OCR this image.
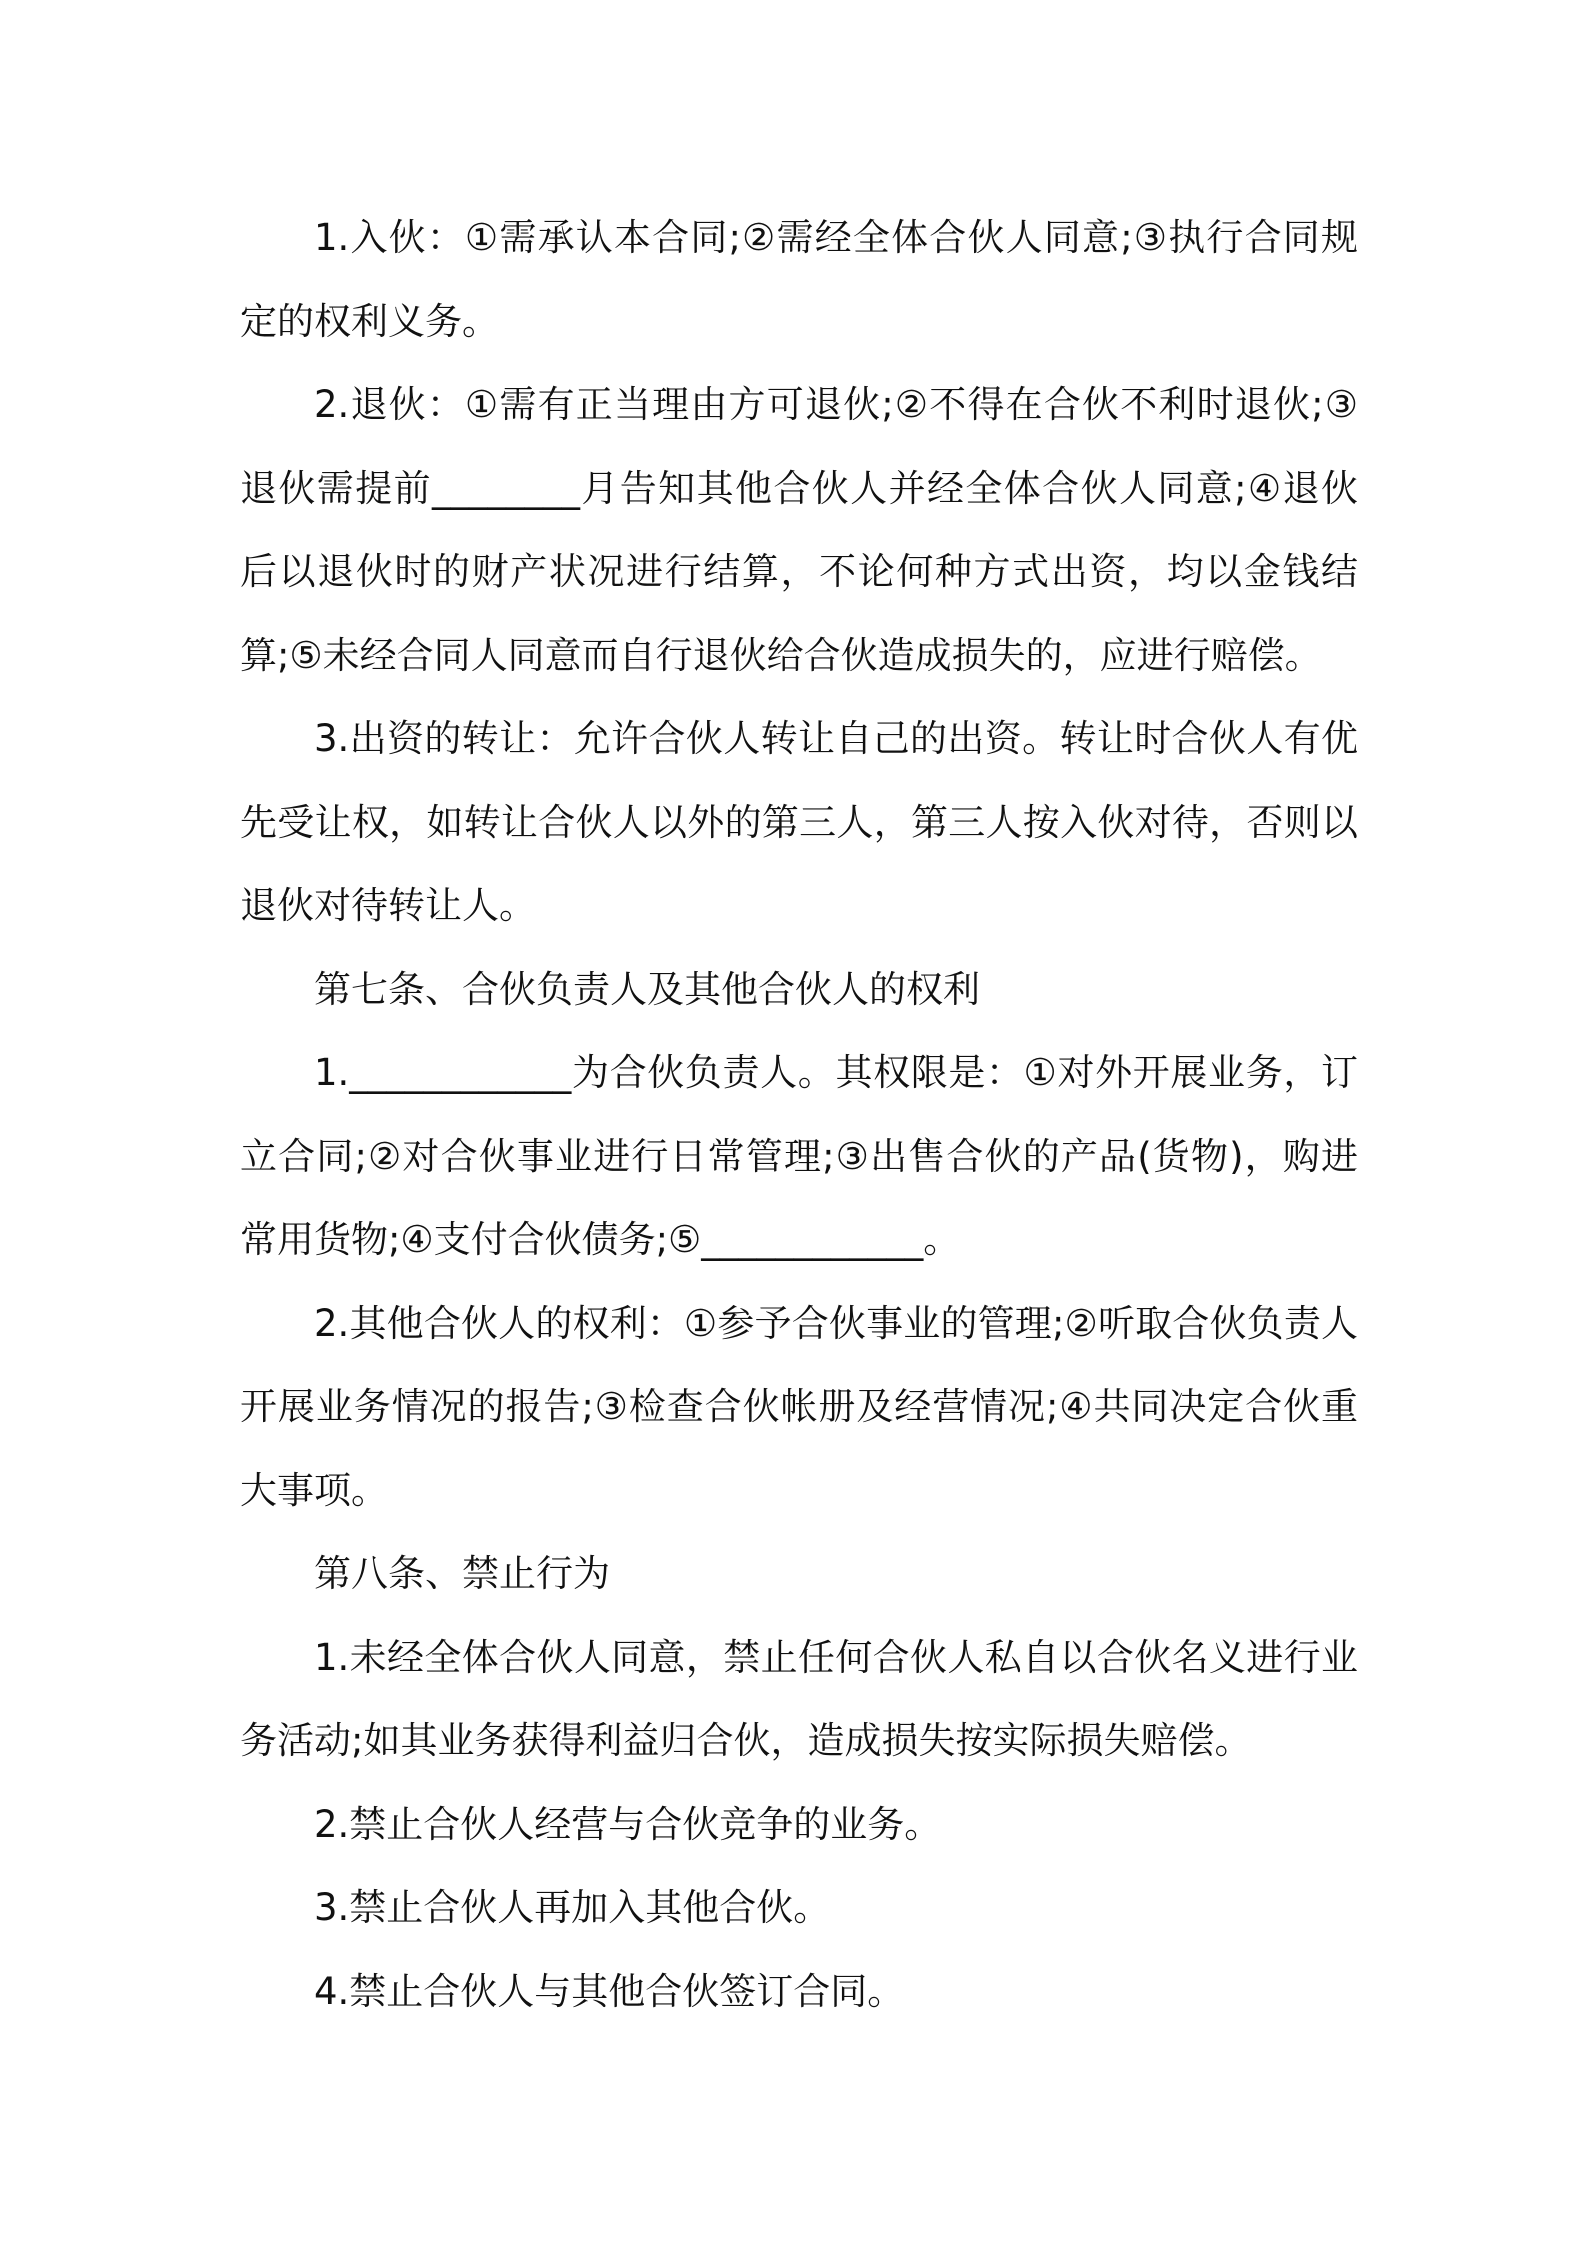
1.入伙：①需承认本合同;②需经全体合伙人同意;③执行合同规定的权利义务。

2.退伙：①需有正当理由方可退伙;②不得在合伙不利时退伙;③退伙需提前________月告知其他合伙人并经全体合伙人同意;④退伙后以退伙时的财产状况进行结算，不论何种方式出资，均以金钱结算;⑤未经合同人同意而自行退伙给合伙造成损失的，应进行赔偿。

3.出资的转让：允许合伙人转让自己的出资。转让时合伙人有优先受让权，如转让合伙人以外的第三人，第三人按入伙对待，否则以退伙对待转让人。

第七条、合伙负责人及其他合伙人的权利

1.____________为合伙负责人。其权限是：①对外开展业务，订立合同;②对合伙事业进行日常管理;③出售合伙的产品(货物)，购进常用货物;④支付合伙债务;⑤____________。

2.其他合伙人的权利：①参予合伙事业的管理;②听取合伙负责人开展业务情况的报告;③检查合伙帐册及经营情况;④共同决定合伙重大事项。

第八条、禁止行为

1.未经全体合伙人同意，禁止任何合伙人私自以合伙名义进行业务活动;如其业务获得利益归合伙，造成损失按实际损失赔偿。

2.禁止合伙人经营与合伙竞争的业务。

3.禁止合伙人再加入其他合伙。

4.禁止合伙人与其他合伙签订合同。
